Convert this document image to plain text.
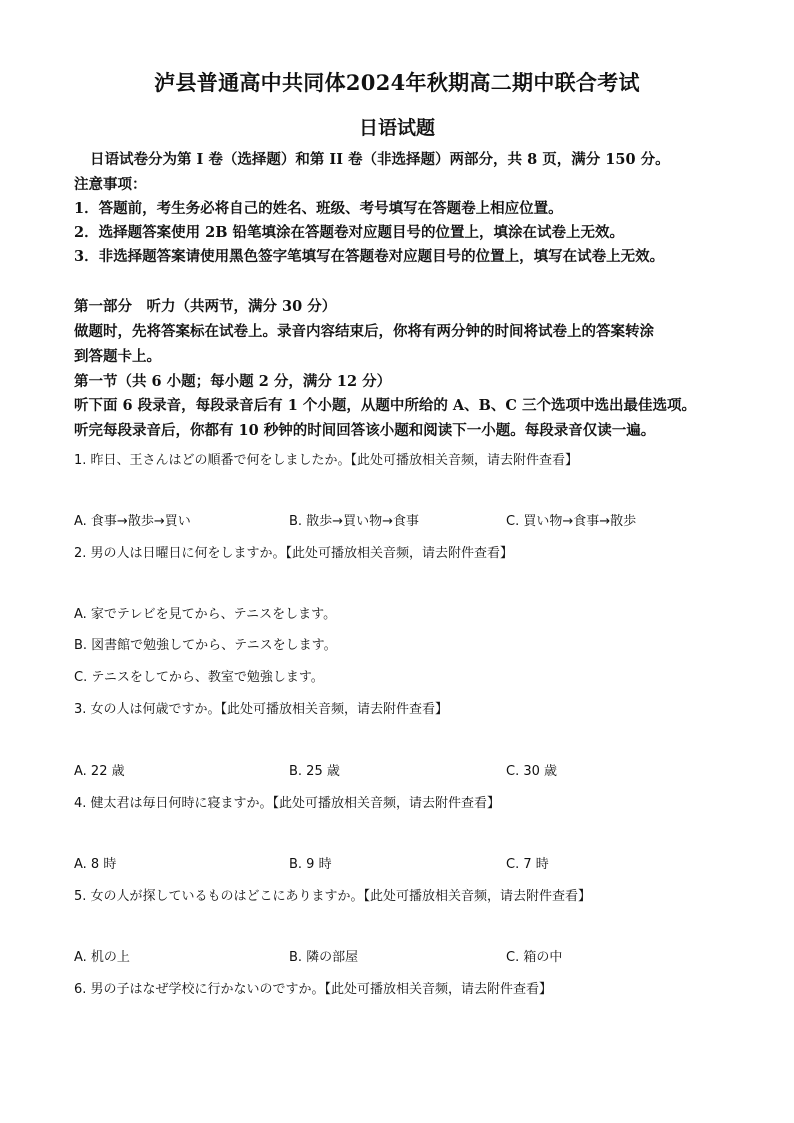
泸县普通高中共同体2024年秋期高二期中联合考试
日语试题
日语试卷分为第 I 卷（选择题）和第 II 卷（非选择题）两部分，共 8 页，满分 150 分。
注意事项：
1．答题前，考生务必将自己的姓名、班级、考号填写在答题卷上相应位置。
2．选择题答案使用 2B 铅笔填涂在答题卷对应题目号的位置上，填涂在试卷上无效。
3．非选择题答案请使用黑色签字笔填写在答题卷对应题目号的位置上，填写在试卷上无效。
第一部分　听力（共两节，满分 30 分）
做题时，先将答案标在试卷上。录音内容结束后，你将有两分钟的时间将试卷上的答案转涂
到答题卡上。
第一节（共 6 小题；每小题 2 分，满分 12 分）
听下面 6 段录音，每段录音后有 1 个小题，从题中所给的 A、B、C 三个选项中选出最佳选项。
听完每段录音后，你都有 10 秒钟的时间回答该小题和阅读下一小题。每段录音仅读一遍。
1. 昨日、王さんはどの順番で何をしましたか。【此处可播放相关音频，请去附件查看】
A. 食事→散歩→買い	B. 散歩→買い物→食事	C. 買い物→食事→散歩
2. 男の人は日曜日に何をしますか。【此处可播放相关音频，请去附件查看】
A. 家でテレビを見てから、テニスをします。
B. 図書館で勉強してから、テニスをします。
C. テニスをしてから、教室で勉強します。
3. 女の人は何歳ですか。【此处可播放相关音频，请去附件查看】
A. 22 歳	B. 25 歳	C. 30 歳
4. 健太君は毎日何時に寝ますか。【此处可播放相关音频，请去附件查看】
A. 8 時	B. 9 時	C. 7 時
5. 女の人が探しているものはどこにありますか。【此处可播放相关音频，请去附件查看】
A. 机の上	B. 隣の部屋	C. 箱の中
6. 男の子はなぜ学校に行かないのですか。【此处可播放相关音频，请去附件查看】
